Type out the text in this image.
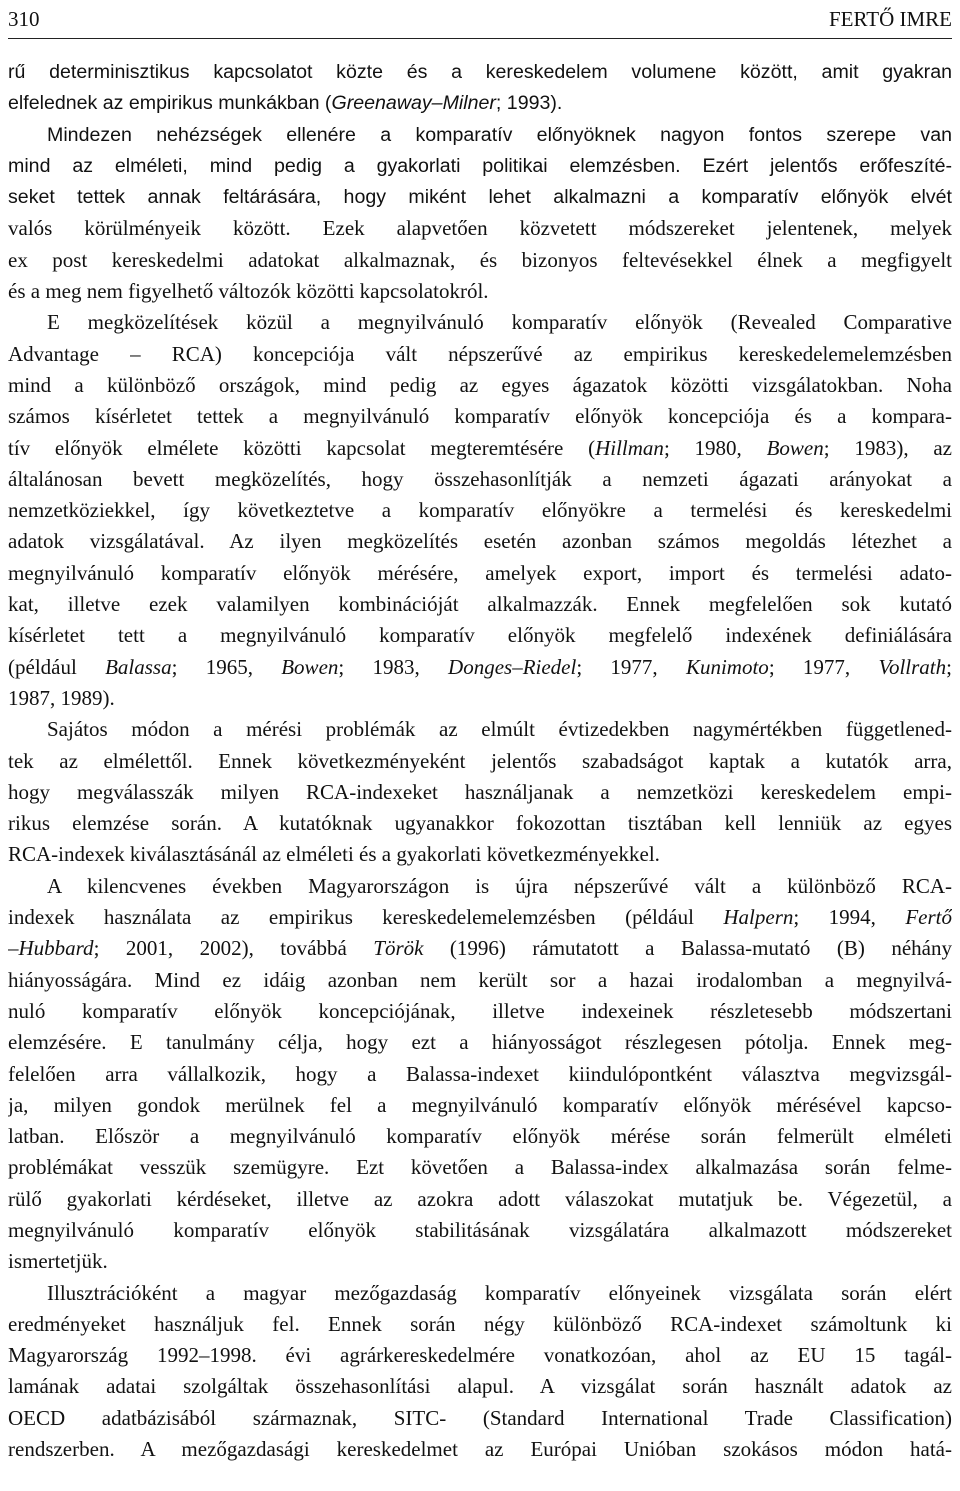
310	FERTŐ IMRE
rű determinisztikus kapcsolatot közte és a kereskedelem volumene között, amit gyakran
elfelednek az empirikus munkákban (Greenaway–Milner; 1993).
Mindezen nehézségek ellenére a komparatív előnyöknek nagyon fontos szerepe van
mind az elméleti, mind pedig a gyakorlati politikai elemzésben. Ezért jelentős erőfeszíté-
seket tettek annak feltárására, hogy miként lehet alkalmazni a komparatív előnyök elvét
valós körülményeik között. Ezek alapvetően közvetett módszereket jelentenek, melyek
ex post kereskedelmi adatokat alkalmaznak, és bizonyos feltevésekkel élnek a megfigyelt
és a meg nem figyelhető változók közötti kapcsolatokról.
E megközelítések közül a megnyilvánuló komparatív előnyök (Revealed Comparative
Advantage – RCA) koncepciója vált népszerűvé az empirikus kereskedelemelemzésben
mind a különböző országok, mind pedig az egyes ágazatok közötti vizsgálatokban. Noha
számos kísérletet tettek a megnyilvánuló komparatív előnyök koncepciója és a kompara-
tív előnyök elmélete közötti kapcsolat megteremtésére (Hillman; 1980, Bowen; 1983), az
általánosan bevett megközelítés, hogy összehasonlítják a nemzeti ágazati arányokat a
nemzetköziekkel, így következtetve a komparatív előnyökre a termelési és kereskedelmi
adatok vizsgálatával. Az ilyen megközelítés esetén azonban számos megoldás létezhet a
megnyilvánuló komparatív előnyök mérésére, amelyek export, import és termelési adato-
kat, illetve ezek valamilyen kombinációját alkalmazzák. Ennek megfelelően sok kutató
kísérletet tett a megnyilvánuló komparatív előnyök megfelelő indexének definiálására
(például Balassa; 1965, Bowen; 1983, Donges–Riedel; 1977, Kunimoto; 1977, Vollrath;
1987, 1989).
Sajátos módon a mérési problémák az elmúlt évtizedekben nagymértékben függetlened-
tek az elmélettől. Ennek következményeként jelentős szabadságot kaptak a kutatók arra,
hogy megválasszák milyen RCA-indexeket használjanak a nemzetközi kereskedelem empi-
rikus elemzése során. A kutatóknak ugyanakkor fokozottan tisztában kell lenniük az egyes
RCA-indexek kiválasztásánál az elméleti és a gyakorlati következményekkel.
A kilencvenes években Magyarországon is újra népszerűvé vált a különböző RCA-
indexek használata az empirikus kereskedelemelemzésben (például Halpern; 1994, Fertő
–Hubbard; 2001, 2002), továbbá Török (1996) rámutatott a Balassa-mutató (B) néhány
hiányosságára. Mind ez idáig azonban nem került sor a hazai irodalomban a megnyilvá-
nuló komparatív előnyök koncepciójának, illetve indexeinek részletesebb módszertani
elemzésére. E tanulmány célja, hogy ezt a hiányosságot részlegesen pótolja. Ennek meg-
felelően arra vállalkozik, hogy a Balassa-indexet kiindulópontként választva megvizsgál-
ja, milyen gondok merülnek fel a megnyilvánuló komparatív előnyök mérésével kapcso-
latban. Először a megnyilvánuló komparatív előnyök mérése során felmerült elméleti
problémákat vesszük szemügyre. Ezt követően a Balassa-index alkalmazása során felme-
rülő gyakorlati kérdéseket, illetve az azokra adott válaszokat mutatjuk be. Végezetül, a
megnyilvánuló komparatív előnyök stabilitásának vizsgálatára alkalmazott módszereket
ismertetjük.
Illusztrációként a magyar mezőgazdaság komparatív előnyeinek vizsgálata során elért
eredményeket használjuk fel. Ennek során négy különböző RCA-indexet számoltunk ki
Magyarország 1992–1998. évi agrárkereskedelmére vonatkozóan, ahol az EU 15 tagál-
lamának adatai szolgáltak összehasonlítási alapul. A vizsgálat során használt adatok az
OECD adatbázisából származnak, SITC- (Standard International Trade Classification)
rendszerben. A mezőgazdasági kereskedelmet az Európai Unióban szokásos módon hatá-
